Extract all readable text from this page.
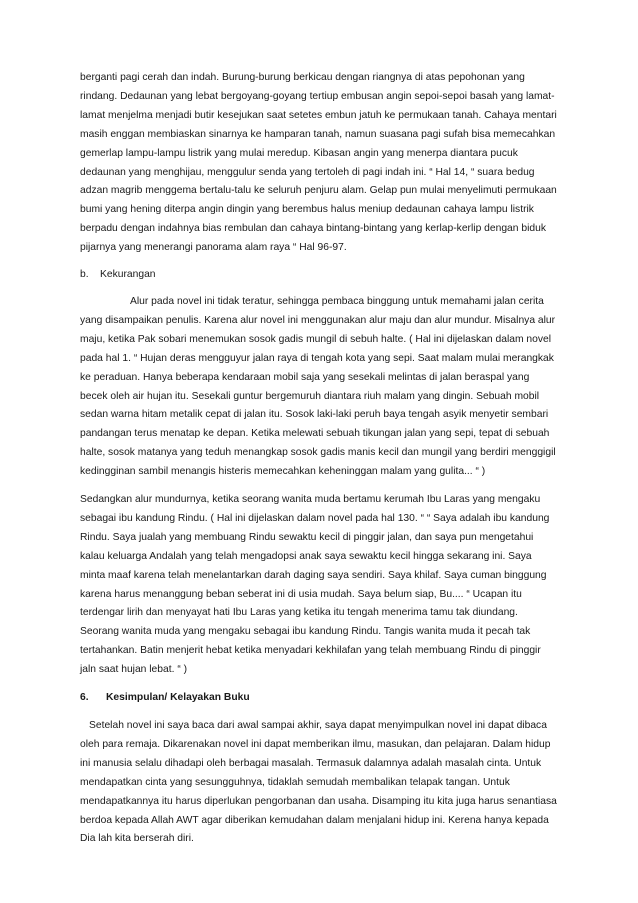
berganti pagi cerah dan indah. Burung-burung berkicau dengan riangnya di atas pepohonan yang rindang. Dedaunan yang lebat bergoyang-goyang tertiup embusan angin sepoi-sepoi basah yang lamat-lamat menjelma menjadi butir kesejukan saat setetes embun jatuh ke permukaan tanah. Cahaya mentari masih enggan membiaskan sinarnya ke hamparan tanah, namun suasana pagi sufah bisa memecahkan gemerlap lampu-lampu listrik yang mulai meredup. Kibasan angin yang menerpa diantara pucuk dedaunan yang menghijau, menggulur senda yang tertoleh di pagi indah ini. “ Hal 14, “ suara bedug adzan magrib menggema bertalu-talu ke seluruh penjuru alam. Gelap pun mulai menyelimuti permukaan bumi yang hening diterpa angin dingin yang berembus halus meniup dedaunan cahaya lampu listrik berpadu dengan indahnya bias rembulan dan cahaya bintang-bintang yang kerlap-kerlip dengan biduk pijarnya yang menerangi panorama alam raya “ Hal 96-97.

b.	Kekurangan

Alur pada novel ini tidak teratur, sehingga pembaca binggung untuk memahami jalan cerita yang disampaikan penulis. Karena alur novel ini menggunakan alur maju dan alur mundur. Misalnya alur maju, ketika Pak sobari menemukan sosok gadis mungil di sebuh halte. ( Hal ini dijelaskan dalam novel pada hal 1. “ Hujan deras mengguyur jalan raya di tengah kota yang sepi. Saat malam mulai merangkak ke peraduan. Hanya beberapa kendaraan mobil saja yang sesekali melintas di jalan beraspal yang becek oleh air hujan itu. Sesekali guntur bergemuruh diantara riuh malam yang dingin. Sebuah mobil sedan warna hitam metalik cepat di jalan itu. Sosok laki-laki peruh baya tengah asyik menyetir sembari pandangan terus menatap ke depan. Ketika melewati sebuah tikungan jalan yang sepi, tepat di sebuah halte, sosok matanya yang teduh menangkap sosok gadis manis kecil dan mungil yang berdiri menggigil kedingginan sambil menangis histeris memecahkan keheninggan malam yang gulita... “ )

Sedangkan alur mundurnya, ketika seorang wanita muda bertamu kerumah Ibu Laras yang mengaku sebagai ibu kandung Rindu. ( Hal ini dijelaskan dalam novel pada hal 130. “ “ Saya adalah ibu kandung Rindu. Saya jualah yang membuang Rindu sewaktu kecil di pinggir jalan, dan saya pun mengetahui kalau keluarga Andalah yang telah mengadopsi anak saya sewaktu kecil hingga sekarang ini. Saya minta maaf karena telah menelantarkan darah daging saya sendiri. Saya khilaf. Saya cuman binggung karena harus menanggung beban seberat ini di usia mudah. Saya belum siap, Bu.... “ Ucapan itu terdengar lirih dan menyayat hati Ibu Laras yang ketika itu tengah menerima tamu tak diundang. Seorang wanita muda yang mengaku sebagai ibu kandung Rindu. Tangis wanita muda it pecah tak tertahankan. Batin menjerit hebat ketika menyadari kekhilafan yang telah membuang Rindu di pinggir jaln saat hujan lebat. “ )

6.	Kesimpulan/ Kelayakan Buku

Setelah novel ini saya baca dari awal sampai akhir, saya dapat menyimpulkan novel ini dapat dibaca oleh para remaja. Dikarenakan novel ini dapat memberikan ilmu, masukan, dan pelajaran. Dalam hidup ini manusia selalu dihadapi oleh berbagai masalah. Termasuk dalamnya adalah masalah cinta. Untuk mendapatkan cinta yang sesungguhnya, tidaklah semudah membalikan telapak tangan. Untuk mendapatkannya itu harus diperlukan pengorbanan dan usaha. Disamping itu kita juga harus senantiasa berdoa kepada Allah AWT agar diberikan kemudahan dalam menjalani hidup ini. Kerena hanya kepada Dia lah kita berserah diri.
